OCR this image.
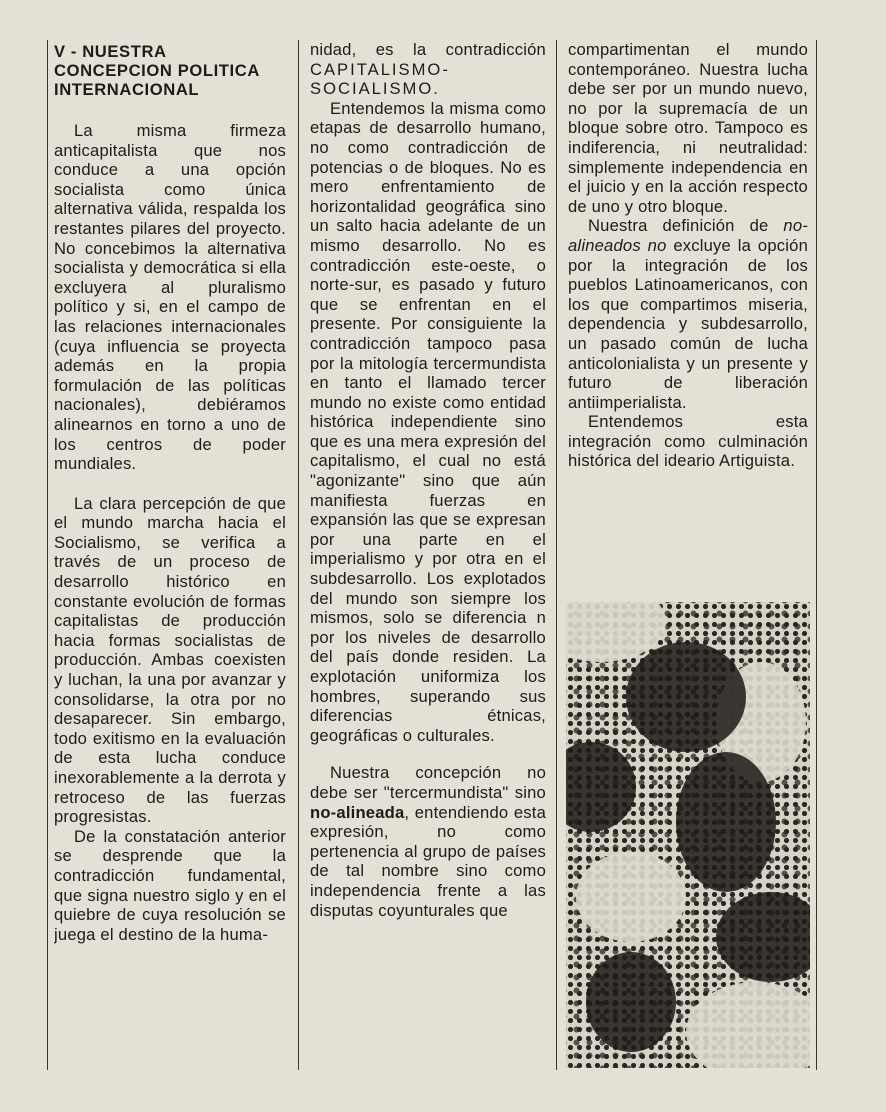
V - NUESTRA CONCEPCION POLITICA INTERNACIONAL

La misma firmeza anticapitalista que nos conduce a una opción socialista como única alternativa válida, respalda los restantes pilares del proyecto. No concebimos la alternativa socialista y democrática si ella excluyera al pluralismo político y si, en el campo de las relaciones internacionales (cuya influencia se proyecta además en la propia formulación de las políticas nacionales), debiéramos alinearnos en torno a uno de los centros de poder mundiales.

La clara percepción de que el mundo marcha hacia el Socialismo, se verifica a través de un proceso de desarrollo histórico en constante evolución de formas capitalistas de producción hacia formas socialistas de producción. Ambas coexisten y luchan, la una por avanzar y consolidarse, la otra por no desaparecer. Sin embargo, todo exitismo en la evaluación de esta lucha conduce inexorablemente a la derrota y retroceso de las fuerzas progresistas.

De la constatación anterior se desprende que la contradicción fundamental, que signa nuestro siglo y en el quiebre de cuya resolución se juega el destino de la huma-

nidad, es la contradicción CAPITALISMO-SOCIALISMO.

Entendemos la misma como etapas de desarrollo humano, no como contradicción de potencias o de bloques. No es mero enfrentamiento de horizontalidad geográfica sino un salto hacia adelante de un mismo desarrollo. No es contradicción este-oeste, o norte-sur, es pasado y futuro que se enfrentan en el presente. Por consiguiente la contradicción tampoco pasa por la mitología tercermundista en tanto el llamado tercer mundo no existe como entidad histórica independiente sino que es una mera expresión del capitalismo, el cual no está "agonizante" sino que aún manifiesta fuerzas en expansión las que se expresan por una parte en el imperialismo y por otra en el subdesarrollo. Los explotados del mundo son siempre los mismos, solo se diferencia n por los niveles de desarrollo del país donde residen. La explotación uniformiza los hombres, superando sus diferencias étnicas, geográficas o culturales.

Nuestra concepción no debe ser "tercermundista" sino no-alineada, entendiendo esta expresión, no como pertenencia al grupo de países de tal nombre sino como independencia frente a las disputas coyunturales que

compartimentan el mundo contemporáneo. Nuestra lucha debe ser por un mundo nuevo, no por la supremacía de un bloque sobre otro. Tampoco es indiferencia, ni neutralidad: simplemente independencia en el juicio y en la acción respecto de uno y otro bloque.

Nuestra definición de no-alineados no excluye la opción por la integración de los pueblos Latinoamericanos, con los que compartimos miseria, dependencia y subdesarrollo, un pasado común de lucha anticolonialista y un presente y futuro de liberación antiimperialista.

Entendemos esta integración como culminación histórica del ideario Artiguista.
